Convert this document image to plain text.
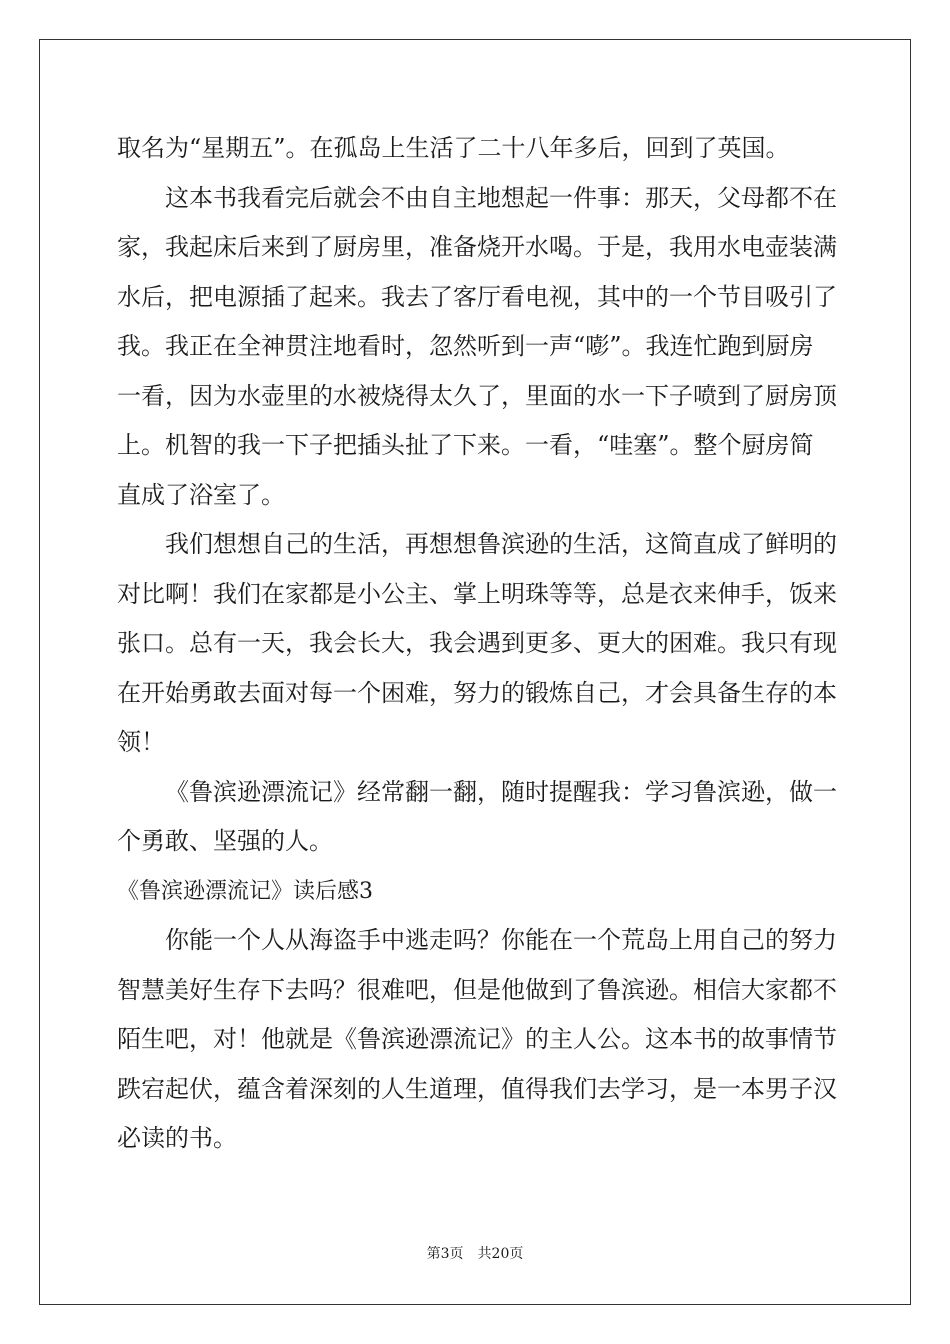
取名为“星期五”。在孤岛上生活了二十八年多后，回到了英国。
这本书我看完后就会不由自主地想起一件事：那天，父母都不在
家，我起床后来到了厨房里，准备烧开水喝。于是，我用水电壶装满
水后，把电源插了起来。我去了客厅看电视，其中的一个节目吸引了
我。我正在全神贯注地看时，忽然听到一声“嘭”。我连忙跑到厨房
一看，因为水壶里的水被烧得太久了，里面的水一下子喷到了厨房顶
上。机智的我一下子把插头扯了下来。一看，“哇塞”。整个厨房简
直成了浴室了。
我们想想自己的生活，再想想鲁滨逊的生活，这简直成了鲜明的
对比啊！我们在家都是小公主、掌上明珠等等，总是衣来伸手，饭来
张口。总有一天，我会长大，我会遇到更多、更大的困难。我只有现
在开始勇敢去面对每一个困难，努力的锻炼自己，才会具备生存的本
领！
《鲁滨逊漂流记》经常翻一翻，随时提醒我：学习鲁滨逊，做一
个勇敢、坚强的人。
《鲁滨逊漂流记》读后感3
你能一个人从海盗手中逃走吗？你能在一个荒岛上用自己的努力
智慧美好生存下去吗？很难吧，但是他做到了鲁滨逊。相信大家都不
陌生吧，对！他就是《鲁滨逊漂流记》的主人公。这本书的故事情节
跌宕起伏，蕴含着深刻的人生道理，值得我们去学习，是一本男子汉
必读的书。
第3页 共20页
